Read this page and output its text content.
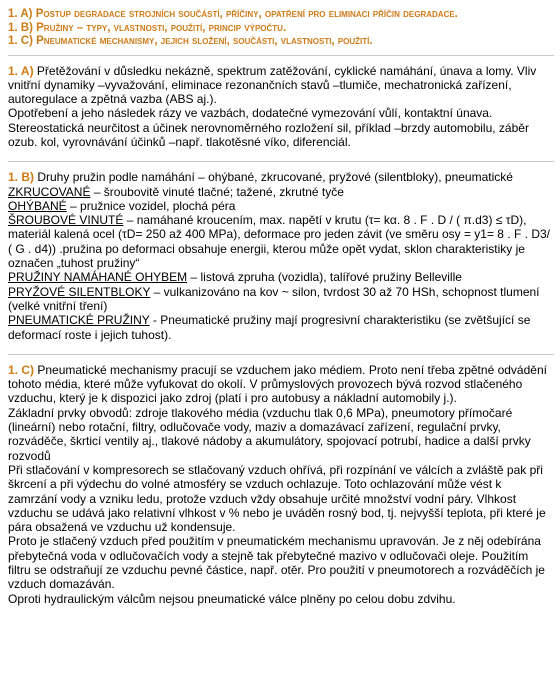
1. A) Postup degradace strojních součástí, příčiny, opatření pro eliminaci příčin degradace.

1. B) Pružiny – typy, vlastnosti, použití, princip výpočtu.

1. C) Pneumatické mechanismy, jejich složení, součásti, vlastnosti, použití.

1. A) Přetěžování v důsledku nekázně, spektrum zatěžování, cyklické namáhání, únava a lomy. Vliv vnitřní dynamiky –vyvažování, eliminace rezonančních stavů –tlumiče, mechatronická zařízení, autoregulace a zpětná vazba (ABS aj.).

Opotřebení a jeho následek rázy ve vazbách, dodatečné vymezování vůlí, kontaktní únava.

Stereostatická neurčitost a účinek nerovnoměrného rozložení sil, příklad –brzdy automobilu, záběr ozub. kol, vyrovnávání účinků –např. tlakotěsné víko, diferenciál.

1. B) Druhy pružin podle namáhání – ohýbané, zkrucované, pryžové (silentbloky), pneumatické

ZKRUCOVANÉ – šroubovitě vinuté tlačné; tažené, zkrutné tyče

OHÝBANÉ – pružnice vozidel, plochá péra

ŠROUBOVÉ VINUTÉ – namáhané kroucením, max. napětí v krutu (τ= kα. 8 . F . D / ( π.d3) ≤ τD), materiál kalená ocel (τD= 250 až 400 MPa), deformace pro jeden závit (ve směru osy = y1= 8 . F . D3/ ( G . d4)) .pružina po deformaci obsahuje energii, kterou může opět vydat, sklon charakteristiky je označen „tuhost pružiny“

PRUŽINY NAMÁHANÉ OHYBEM – listová zpruha (vozidla), talířové pružiny Belleville

PRYŽOVÉ SILENTBLOKY – vulkanizováno na kov ~ silon, tvrdost 30 až 70 HSh, schopnost tlumení (velké vnitřní tření)

PNEUMATICKÉ PRUŽINY - Pneumatické pružiny mají progresivní charakteristiku (se zvětšující se deformací roste i jejich tuhost).

1. C) Pneumatické mechanismy pracují se vzduchem jako médiem. Proto není třeba zpětné odvádění tohoto média, které může vyfukovat do okolí. V průmyslových provozech bývá rozvod stlačeného vzduchu, který je k dispozici jako zdroj (platí i pro autobusy a nákladní automobily j.).

Základní prvky obvodů: zdroje tlakového média (vzduchu tlak 0,6 MPa), pneumotory přímočaré (lineární) nebo rotační, filtry, odlučovače vody, maziv a domazávací zařízení, regulační prvky, rozváděče, škrticí ventily aj., tlakové nádoby a akumulátory, spojovací potrubí, hadice a další prvky rozvodů

Při stlačování v kompresorech se stlačovaný vzduch ohřívá, při rozpínání ve válcích a zvláště pak při škrcení a při výdechu do volné atmosféry se vzduch ochlazuje. Toto ochlazování může vést k zamrzání vody a vzniku ledu, protože vzduch vždy obsahuje určité množství vodní páry. Vlhkost vzduchu se udává jako relativní vlhkost v % nebo je uváděn rosný bod, tj. nejvyšší teplota, při které je pára obsažená ve vzduchu už kondensuje.

Proto je stlačený vzduch před použitím v pneumatickém mechanismu upravován. Je z něj odebírána přebytečná voda v odlučovačích vody a stejně tak přebytečné mazivo v odlučovači oleje. Použitím filtru se odstraňují ze vzduchu pevné částice, např. otěr. Pro použití v pneumotorech a rozváděčích je vzduch domazáván.

Oproti hydraulickým válcům nejsou pneumatické válce plněny po celou dobu zdvihu.
